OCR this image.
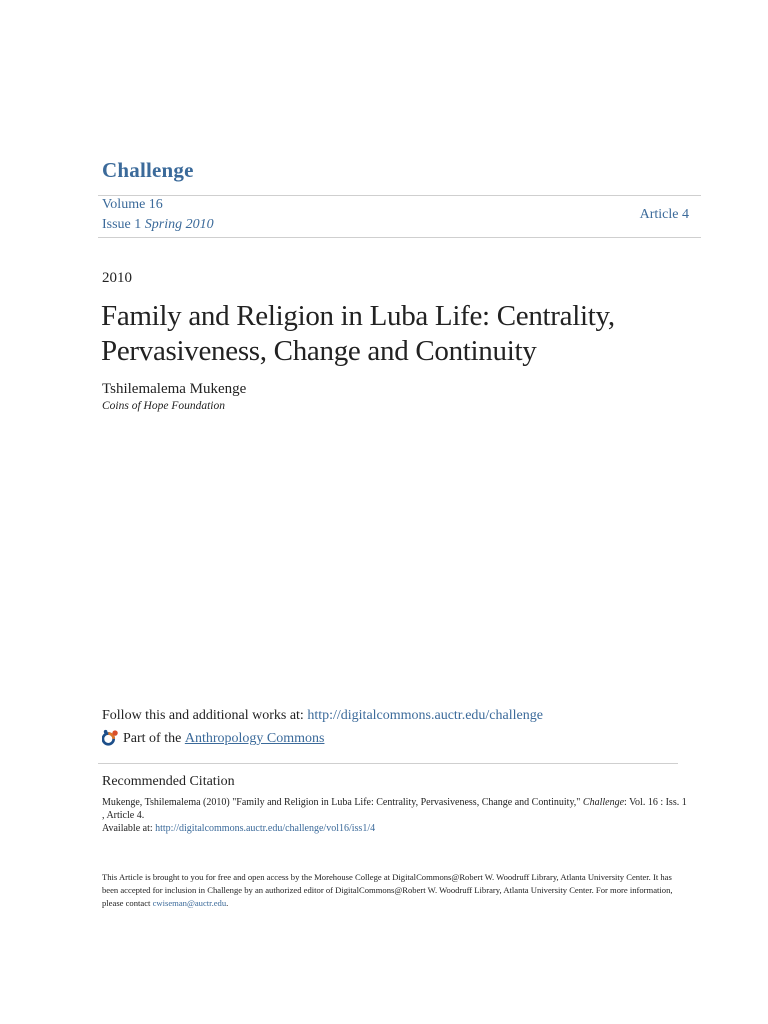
Challenge
Volume 16
Issue 1 Spring 2010
Article 4
2010
Family and Religion in Luba Life: Centrality, Pervasiveness, Change and Continuity
Tshilemalema Mukenge
Coins of Hope Foundation
Follow this and additional works at: http://digitalcommons.auctr.edu/challenge
Part of the
Anthropology Commons
Recommended Citation
Mukenge, Tshilemalema (2010) "Family and Religion in Luba Life: Centrality, Pervasiveness, Change and Continuity," Challenge: Vol. 16 : Iss. 1 , Article 4.
Available at: http://digitalcommons.auctr.edu/challenge/vol16/iss1/4
This Article is brought to you for free and open access by the Morehouse College at DigitalCommons@Robert W. Woodruff Library, Atlanta University Center. It has been accepted for inclusion in Challenge by an authorized editor of DigitalCommons@Robert W. Woodruff Library, Atlanta University Center. For more information, please contact cwiseman@auctr.edu.
